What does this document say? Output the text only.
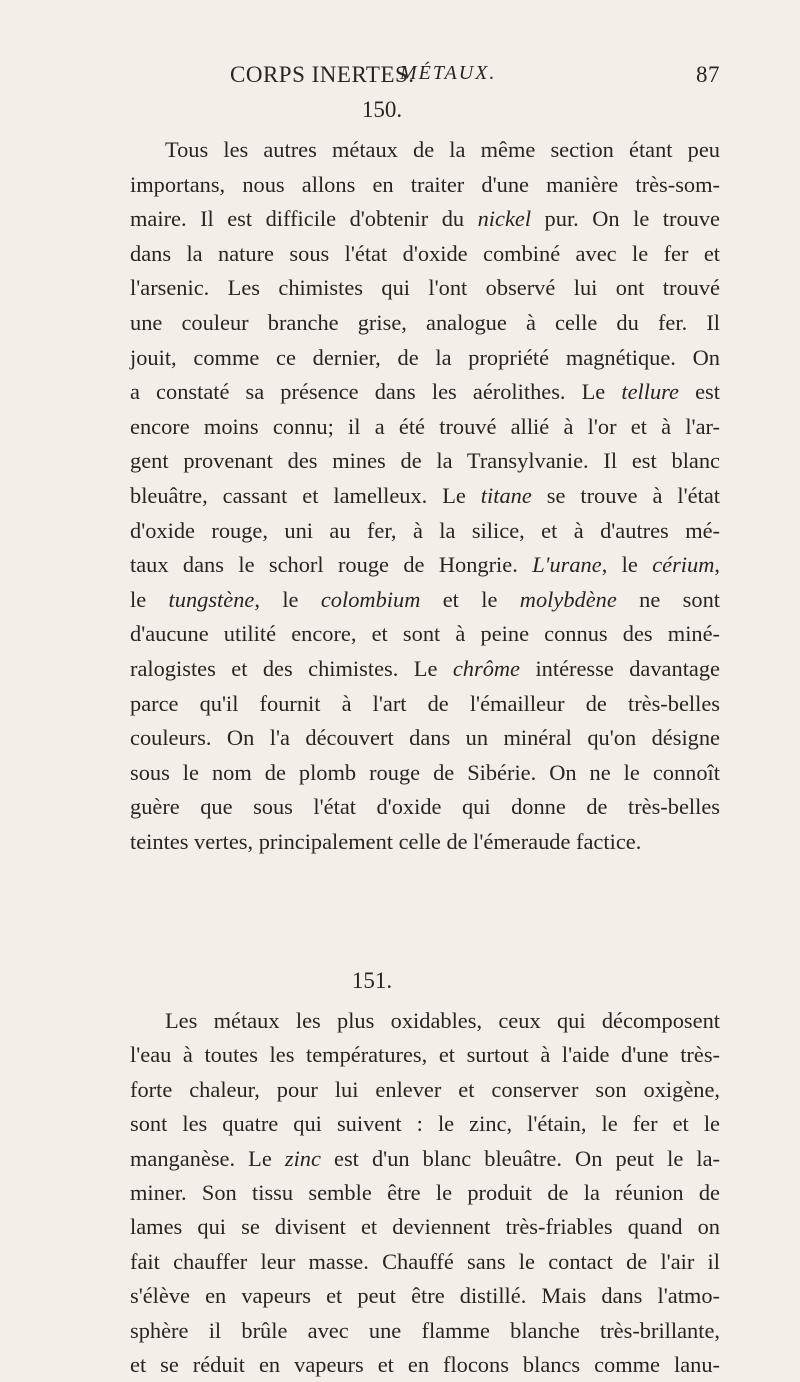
CORPS INERTES.
MÉTAUX.	87
150.
Tous les autres métaux de la même section étant peu
importans, nous allons en traiter d'une manière très-som-
maire. Il est difficile d'obtenir du nickel pur. On le trouve
dans la nature sous l'état d'oxide combiné avec le fer et
l'arsenic. Les chimistes qui l'ont observé lui ont trouvé
une couleur branche grise, analogue à celle du fer. Il
jouit, comme ce dernier, de la propriété magnétique. On
a constaté sa présence dans les aérolithes. Le tellure est
encore moins connu; il a été trouvé allié à l'or et à l'ar-
gent provenant des mines de la Transylvanie. Il est blanc
bleuâtre, cassant et lamelleux. Le titane se trouve à l'état
d'oxide rouge, uni au fer, à la silice, et à d'autres mé-
taux dans le schorl rouge de Hongrie. L'urane, le cérium,
le tungstène, le colombium et le molybdène ne sont
d'aucune utilité encore, et sont à peine connus des miné-
ralogistes et des chimistes. Le chrôme intéresse davantage
parce qu'il fournit à l'art de l'émailleur de très-belles
couleurs. On l'a découvert dans un minéral qu'on désigne
sous le nom de plomb rouge de Sibérie. On ne le connoît
guère que sous l'état d'oxide qui donne de très-belles
teintes vertes, principalement celle de l'émeraude factice.
151.
Les métaux les plus oxidables, ceux qui décomposent
l'eau à toutes les températures, et surtout à l'aide d'une très-
forte chaleur, pour lui enlever et conserver son oxigène,
sont les quatre qui suivent : le zinc, l'étain, le fer et le
manganèse. Le zinc est d'un blanc bleuâtre. On peut le la-
miner. Son tissu semble être le produit de la réunion de
lames qui se divisent et deviennent très-friables quand on
fait chauffer leur masse. Chauffé sans le contact de l'air il
s'élève en vapeurs et peut être distillé. Mais dans l'atmo-
sphère il brûle avec une flamme blanche très-brillante,
et se réduit en vapeurs et en flocons blancs comme lanu-
